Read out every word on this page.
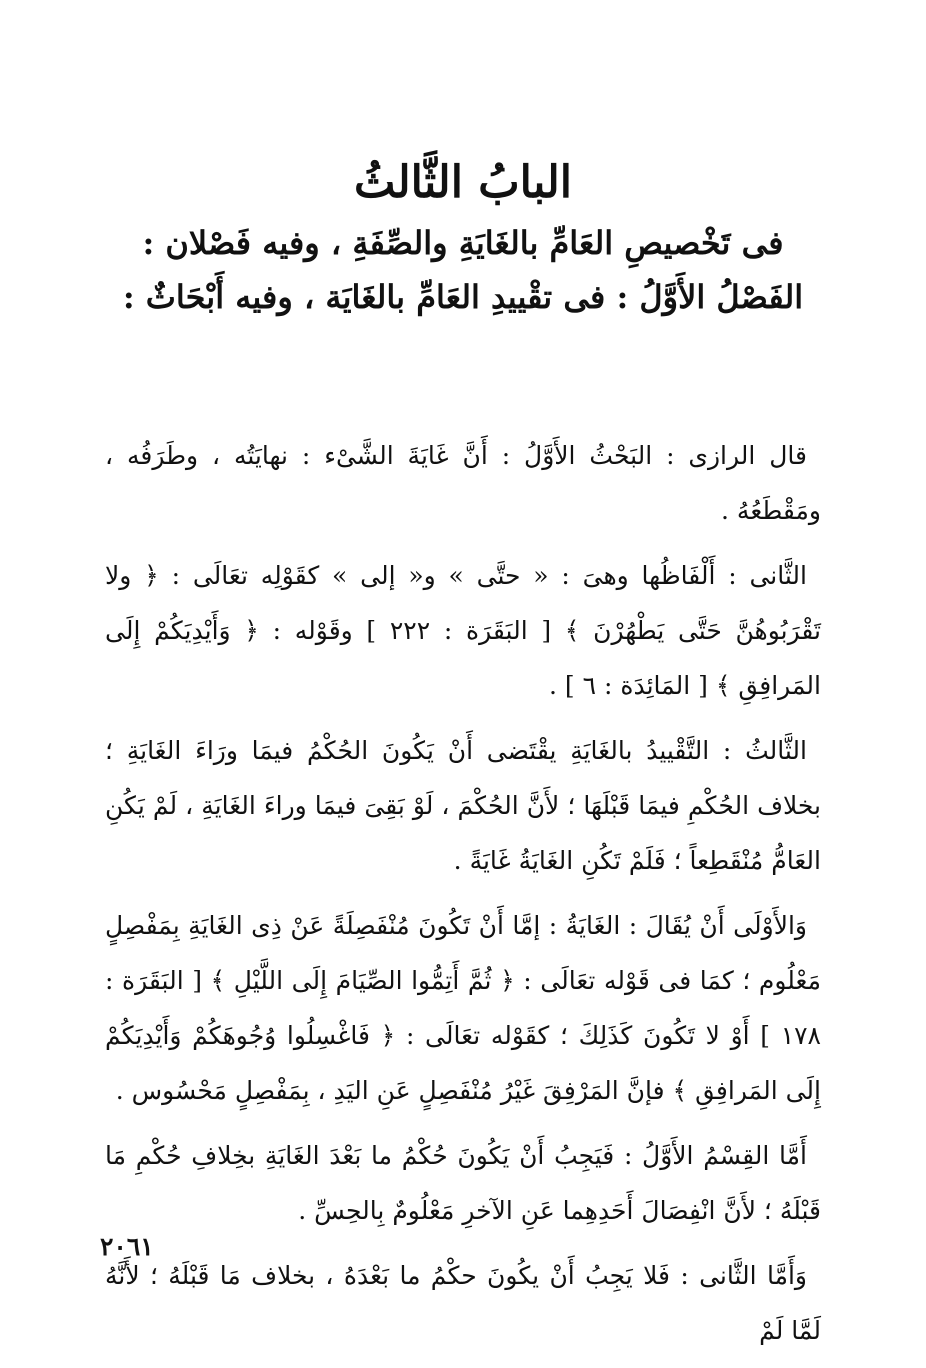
البابُ الثَّالثُ
فى تَخْصيصِ العَامِّ بالغَايَةِ والصِّفَةِ ، وفيه فَصْلان :
الفَصْلُ الأَوَّلُ : فى تقْييدِ العَامِّ بالغَايَة ، وفيه أَبْحَاثٌ :

قال الرازى : البَحْثُ الأَوَّلُ : أَنَّ غَايَةَ الشَّىْء : نهايَتُه ، وطَرَفُه ، ومَقْطَعُهُ .

الثَّانى : أَلْفَاظُها وهىَ : « حتَّى » و« إلى » كقَوْلِه تعَالَى : ﴿ ولا تَقْرَبُوهُنَّ حَتَّى يَطْهُرْنَ ﴾ [ البَقَرَة : ٢٢٢ ] وقَوْله : ﴿ وَأَيْدِيَكُمْ إِلَى المَرافِقِ ﴾ [ المَائِدَة : ٦ ] .

الثَّالثُ : التَّقْييدُ بالغَايَةِ يقْتَضى أَنْ يَكُونَ الحُكْمُ فيمَا ورَاءَ الغَايَةِ ؛ بخلاف الحُكْمِ فيمَا قَبْلَهَا ؛ لأَنَّ الحُكْمَ ، لَوْ بَقِىَ فيمَا وراءَ الغَايَةِ ، لَمْ يَكُنِ العَامُّ مُنْقَطِعاً ؛ فَلَمْ تَكُنِ الغَايَةُ غَايَةً .

وَالأَوْلَى أَنْ يُقَالَ : الغَايَةُ : إمَّا أَنْ تَكُونَ مُنْفَصِلَةً عَنْ ذِى الغَايَةِ بِمَفْصِلٍ مَعْلُوم ؛ كمَا فى قَوْله تعَالَى : ﴿ ثُمَّ أَتِمُّوا الصِّيَامَ إِلَى اللَّيْلِ ﴾ [ البَقَرَة : ١٧٨ ] أَوْ لا تَكُونَ كَذَلِكَ ؛ كقَوْله تعَالَى : ﴿ فَاغْسِلُوا وُجُوهَكُمْ وَأَيْدِيَكُمْ إِلَى المَرافِقِ ﴾ فإنَّ المَرْفِقَ غَيْرُ مُنْفَصِلٍ عَنِ اليَدِ ، بِمَفْصِلٍ مَحْسُوس .

أَمَّا القِسْمُ الأَوَّلُ : فَيَجِبُ أَنْ يَكُونَ حُكْمُ ما بَعْدَ الغَايَةِ بخِلافِ حُكْمِ مَا قَبْلَهُ ؛ لأَنَّ انْفِصَالَ أَحَدِهِما عَنِ الآخرِ مَعْلُومٌ بِالحِسِّ .

وَأَمَّا الثَّانى : فَلا يَجِبُ أَنْ يكُونَ حكْمُ ما بَعْدَهُ ، بخلاف مَا قَبْلَهُ ؛ لأَنَّهُ لَمَّا لَمْ

٢٠٦١
